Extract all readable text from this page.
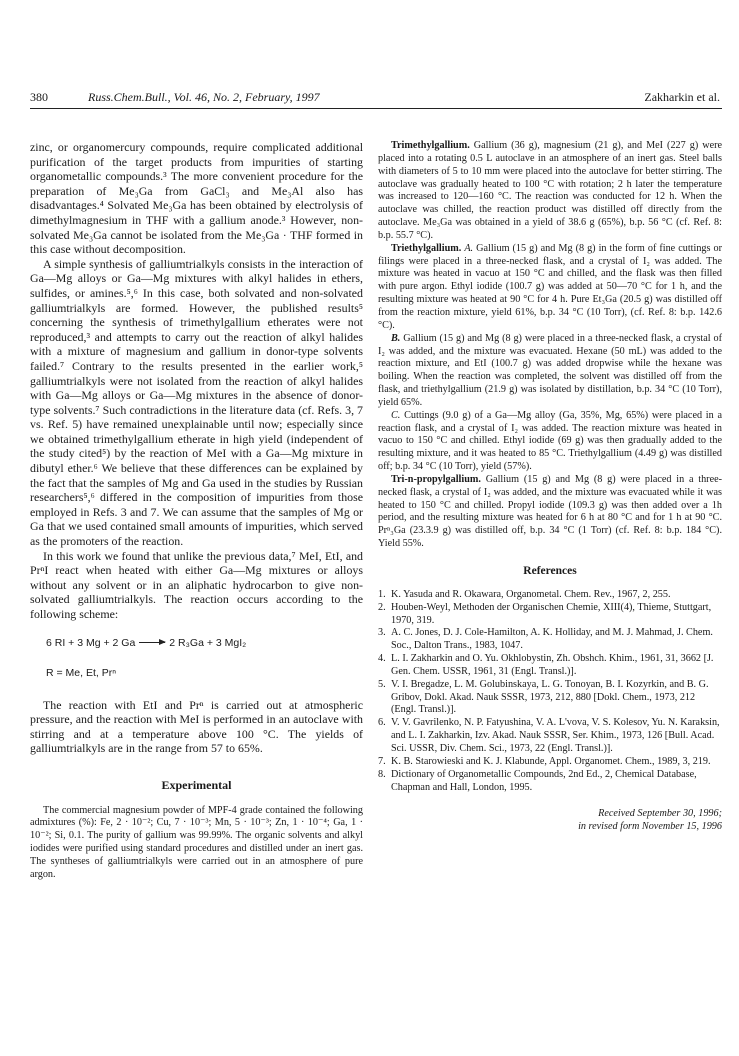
380	Russ.Chem.Bull., Vol. 46, No. 2, February, 1997	Zakharkin et al.

zinc, or organomercury compounds, require complicated additional purification of the target products from impurities of starting organometallic compounds.³ The more convenient procedure for the preparation of Me₃Ga from GaCl₃ and Me₃Al also has disadvantages.⁴ Solvated Me₃Ga has been obtained by electrolysis of dimethylmagnesium in THF with a gallium anode.³ However, non-solvated Me₃Ga cannot be isolated from the Me₃Ga · THF formed in this case without decomposition.

A simple synthesis of galliumtrialkyls consists in the interaction of Ga—Mg alloys or Ga—Mg mixtures with alkyl halides in ethers, sulfides, or amines.⁵,⁶ In this case, both solvated and non-solvated galliumtrialkyls are formed. However, the published results⁵ concerning the synthesis of trimethylgallium etherates were not reproduced,³ and attempts to carry out the reaction of alkyl halides with a mixture of magnesium and gallium in donor-type solvents failed.⁷ Contrary to the results presented in the earlier work,⁵ galliumtrialkyls were not isolated from the reaction of alkyl halides with Ga—Mg alloys or Ga—Mg mixtures in the absence of donor-type solvents.⁷ Such contradictions in the literature data (cf. Refs. 3, 7 vs. Ref. 5) have remained unexplainable until now; especially since we obtained trimethylgallium etherate in high yield (independent of the study cited⁵) by the reaction of MeI with a Ga—Mg mixture in dibutyl ether.⁶ We believe that these differences can be explained by the fact that the samples of Mg and Ga used in the studies by Russian researchers⁵,⁶ differed in the composition of impurities from those employed in Refs. 3 and 7. We can assume that the samples of Mg or Ga that we used contained small amounts of impurities, which served as the promoters of the reaction.

In this work we found that unlike the previous data,⁷ MeI, EtI, and PrⁿI react when heated with either Ga—Mg mixtures or alloys without any solvent or in an aliphatic hydrocarbon to give non-solvated galliumtrialkyls. The reaction occurs according to the following scheme:

6 RI + 3 Mg + 2 Ga → 2 R₃Ga + 3 MgI₂
R = Me, Et, Prⁿ

The reaction with EtI and Prⁿ is carried out at atmospheric pressure, and the reaction with MeI is performed in an autoclave with stirring and at a temperature above 100 °C. The yields of galliumtrialkyls are in the range from 57 to 65%.

Experimental

The commercial magnesium powder of MPF-4 grade contained the following admixtures (%): Fe, 2 · 10⁻²; Cu, 7 · 10⁻³; Mn, 5 · 10⁻³; Zn, 1 · 10⁻⁴; Ga, 1 · 10⁻²; Si, 0.1. The purity of gallium was 99.99%. The organic solvents and alkyl iodides were purified using standard procedures and distilled under an inert gas. The syntheses of galliumtrialkyls were carried out in an atmosphere of pure argon.

Trimethylgallium. Gallium (36 g), magnesium (21 g), and MeI (227 g) were placed into a rotating 0.5 L autoclave in an atmosphere of an inert gas. Steel balls with diameters of 5 to 10 mm were placed into the autoclave for better stirring. The autoclave was gradually heated to 100 °C with rotation; 2 h later the temperature was increased to 120—160 °C. The reaction was conducted for 12 h. When the autoclave was chilled, the reaction product was distilled off directly from the autoclave. Me₃Ga was obtained in a yield of 38.6 g (65%), b.p. 56 °C (cf. Ref. 8: b.p. 55.7 °C).

Triethylgallium. A. Gallium (15 g) and Mg (8 g) in the form of fine cuttings or filings were placed in a three-necked flask, and a crystal of I₂ was added. The mixture was heated in vacuo at 150 °C and chilled, and the flask was then filled with pure argon. Ethyl iodide (100.7 g) was added at 50—70 °C for 1 h, and the resulting mixture was heated at 90 °C for 4 h. Pure Et₃Ga (20.5 g) was distilled off from the reaction mixture, yield 61%, b.p. 34 °C (10 Torr), (cf. Ref. 8: b.p. 142.6 °C).

B. Gallium (15 g) and Mg (8 g) were placed in a three-necked flask, a crystal of I₂ was added, and the mixture was evacuated. Hexane (50 mL) was added to the reaction mixture, and EtI (100.7 g) was added dropwise while the hexane was boiling. When the reaction was completed, the solvent was distilled off from the flask, and triethylgallium (21.9 g) was isolated by distillation, b.p. 34 °C (10 Torr), yield 65%.

C. Cuttings (9.0 g) of a Ga—Mg alloy (Ga, 35%, Mg, 65%) were placed in a reaction flask, and a crystal of I₂ was added. The reaction mixture was heated in vacuo to 150 °C and chilled. Ethyl iodide (69 g) was then gradually added to the resulting mixture, and it was heated to 85 °C. Triethylgallium (4.49 g) was distilled off; b.p. 34 °C (10 Torr), yield (57%).

Tri-n-propylgallium. Gallium (15 g) and Mg (8 g) were placed in a three-necked flask, a crystal of I₂ was added, and the mixture was evacuated while it was heated to 150 °C and chilled. Propyl iodide (109.3 g) was then added over a 1h period, and the resulting mixture was heated for 6 h at 80 °C and for 1 h at 90 °C. Prⁿ₃Ga (23.3.9 g) was distilled off, b.p. 34 °C (1 Torr) (cf. Ref. 8: b.p. 184 °C). Yield 55%.

References
1. K. Yasuda and R. Okawara, Organometal. Chem. Rev., 1967, 2, 255.
2. Houben-Weyl, Methoden der Organischen Chemie, XIII(4), Thieme, Stuttgart, 1970, 319.
3. A. C. Jones, D. J. Cole-Hamilton, A. K. Holliday, and M. J. Mahmad, J. Chem. Soc., Dalton Trans., 1983, 1047.
4. L. I. Zakharkin and O. Yu. Okhlobystin, Zh. Obshch. Khim., 1961, 31, 3662 [J. Gen. Chem. USSR, 1961, 31 (Engl. Transl.)].
5. V. I. Bregadze, L. M. Golubinskaya, L. G. Tonoyan, B. I. Kozyrkin, and B. G. Gribov, Dokl. Akad. Nauk SSSR, 1973, 212, 880 [Dokl. Chem., 1973, 212 (Engl. Transl.)].
6. V. V. Gavrilenko, N. P. Fatyushina, V. A. L'vova, V. S. Kolesov, Yu. N. Karaksin, and L. I. Zakharkin, Izv. Akad. Nauk SSSR, Ser. Khim., 1973, 126 [Bull. Acad. Sci. USSR, Div. Chem. Sci., 1973, 22 (Engl. Transl.)].
7. K. B. Starowieski and K. J. Klabunde, Appl. Organomet. Chem., 1989, 3, 219.
8. Dictionary of Organometallic Compounds, 2nd Ed., 2, Chemical Database, Chapman and Hall, London, 1995.
Received September 30, 1996;
in revised form November 15, 1996
